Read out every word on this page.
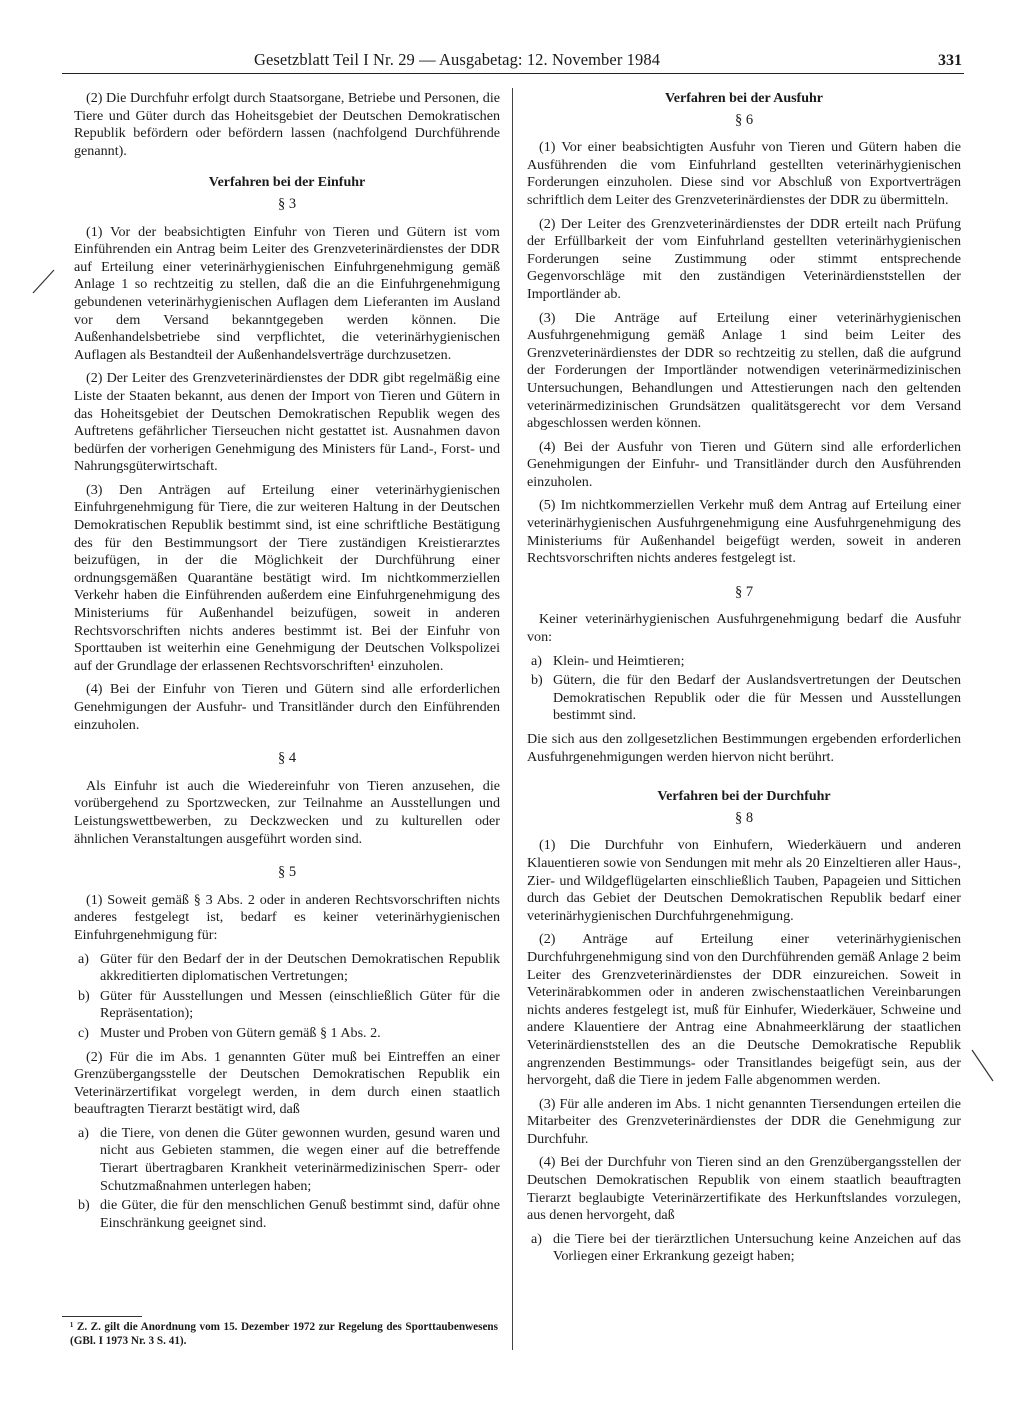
Gesetzblatt Teil I Nr. 29 — Ausgabetag: 12. November 1984	331

(2) Die Durchfuhr erfolgt durch Staatsorgane, Betriebe und Personen, die Tiere und Güter durch das Hoheitsgebiet der Deutschen Demokratischen Republik befördern oder befördern lassen (nachfolgend Durchführende genannt).

Verfahren bei der Einfuhr
§ 3

(1) Vor der beabsichtigten Einfuhr von Tieren und Gütern ist vom Einführenden ein Antrag beim Leiter des Grenzveterinärdienstes der DDR auf Erteilung einer veterinärhygienischen Einfuhrgenehmigung gemäß Anlage 1 so rechtzeitig zu stellen, daß die an die Einfuhrgenehmigung gebundenen veterinärhygienischen Auflagen dem Lieferanten im Ausland vor dem Versand bekanntgegeben werden können. Die Außenhandelsbetriebe sind verpflichtet, die veterinärhygienischen Auflagen als Bestandteil der Außenhandelsverträge durchzusetzen.

(2) Der Leiter des Grenzveterinärdienstes der DDR gibt regelmäßig eine Liste der Staaten bekannt, aus denen der Import von Tieren und Gütern in das Hoheitsgebiet der Deutschen Demokratischen Republik wegen des Auftretens gefährlicher Tierseuchen nicht gestattet ist. Ausnahmen davon bedürfen der vorherigen Genehmigung des Ministers für Land-, Forst- und Nahrungsgüterwirtschaft.

(3) Den Anträgen auf Erteilung einer veterinärhygienischen Einfuhrgenehmigung für Tiere, die zur weiteren Haltung in der Deutschen Demokratischen Republik bestimmt sind, ist eine schriftliche Bestätigung des für den Bestimmungsort der Tiere zuständigen Kreistierarztes beizufügen, in der die Möglichkeit der Durchführung einer ordnungsgemäßen Quarantäne bestätigt wird. Im nichtkommerziellen Verkehr haben die Einführenden außerdem eine Einfuhrgenehmigung des Ministeriums für Außenhandel beizufügen, soweit in anderen Rechtsvorschriften nichts anderes bestimmt ist. Bei der Einfuhr von Sporttauben ist weiterhin eine Genehmigung der Deutschen Volkspolizei auf der Grundlage der erlassenen Rechtsvorschriften¹ einzuholen.

(4) Bei der Einfuhr von Tieren und Gütern sind alle erforderlichen Genehmigungen der Ausfuhr- und Transitländer durch den Einführenden einzuholen.

§ 4

Als Einfuhr ist auch die Wiedereinfuhr von Tieren anzusehen, die vorübergehend zu Sportzwecken, zur Teilnahme an Ausstellungen und Leistungswettbewerben, zu Deckzwecken und zu kulturellen oder ähnlichen Veranstaltungen ausgeführt worden sind.

§ 5

(1) Soweit gemäß § 3 Abs. 2 oder in anderen Rechtsvorschriften nichts anderes festgelegt ist, bedarf es keiner veterinärhygienischen Einfuhrgenehmigung für:

a) Güter für den Bedarf der in der Deutschen Demokratischen Republik akkreditierten diplomatischen Vertretungen;
b) Güter für Ausstellungen und Messen (einschließlich Güter für die Repräsentation);
c) Muster und Proben von Gütern gemäß § 1 Abs. 2.

(2) Für die im Abs. 1 genannten Güter muß bei Eintreffen an einer Grenzübergangsstelle der Deutschen Demokratischen Republik ein Veterinärzertifikat vorgelegt werden, in dem durch einen staatlich beauftragten Tierarzt bestätigt wird, daß

a) die Tiere, von denen die Güter gewonnen wurden, gesund waren und nicht aus Gebieten stammen, die wegen einer auf die betreffende Tierart übertragbaren Krankheit veterinärmedizinischen Sperr- oder Schutzmaßnahmen unterlegen haben;
b) die Güter, die für den menschlichen Genuß bestimmt sind, dafür ohne Einschränkung geeignet sind.
¹ Z. Z. gilt die Anordnung vom 15. Dezember 1972 zur Regelung des Sporttaubenwesens (GBl. I 1973 Nr. 3 S. 41).
Verfahren bei der Ausfuhr
§ 6

(1) Vor einer beabsichtigten Ausfuhr von Tieren und Gütern haben die Ausführenden die vom Einfuhrland gestellten veterinärhygienischen Forderungen einzuholen. Diese sind vor Abschluß von Exportverträgen schriftlich dem Leiter des Grenzveterinärdienstes der DDR zu übermitteln.

(2) Der Leiter des Grenzveterinärdienstes der DDR erteilt nach Prüfung der Erfüllbarkeit der vom Einfuhrland gestellten veterinärhygienischen Forderungen seine Zustimmung oder stimmt entsprechende Gegenvorschläge mit den zuständigen Veterinärdienststellen der Importländer ab.

(3) Die Anträge auf Erteilung einer veterinärhygienischen Ausfuhrgenehmigung gemäß Anlage 1 sind beim Leiter des Grenzveterinärdienstes der DDR so rechtzeitig zu stellen, daß die aufgrund der Forderungen der Importländer notwendigen veterinärmedizinischen Untersuchungen, Behandlungen und Attestierungen nach den geltenden veterinärmedizinischen Grundsätzen qualitätsgerecht vor dem Versand abgeschlossen werden können.

(4) Bei der Ausfuhr von Tieren und Gütern sind alle erforderlichen Genehmigungen der Einfuhr- und Transitländer durch den Ausführenden einzuholen.

(5) Im nichtkommerziellen Verkehr muß dem Antrag auf Erteilung einer veterinärhygienischen Ausfuhrgenehmigung eine Ausfuhrgenehmigung des Ministeriums für Außenhandel beigefügt werden, soweit in anderen Rechtsvorschriften nichts anderes festgelegt ist.

§ 7

Keiner veterinärhygienischen Ausfuhrgenehmigung bedarf die Ausfuhr von:

a) Klein- und Heimtieren;
b) Gütern, die für den Bedarf der Auslandsvertretungen der Deutschen Demokratischen Republik oder die für Messen und Ausstellungen bestimmt sind.

Die sich aus den zollgesetzlichen Bestimmungen ergebenden erforderlichen Ausfuhrgenehmigungen werden hiervon nicht berührt.

Verfahren bei der Durchfuhr
§ 8

(1) Die Durchfuhr von Einhufern, Wiederkäuern und anderen Klauentieren sowie von Sendungen mit mehr als 20 Einzeltieren aller Haus-, Zier- und Wildgeflügelarten einschließlich Tauben, Papageien und Sittichen durch das Gebiet der Deutschen Demokratischen Republik bedarf einer veterinärhygienischen Durchfuhrgenehmigung.

(2) Anträge auf Erteilung einer veterinärhygienischen Durchfuhrgenehmigung sind von den Durchführenden gemäß Anlage 2 beim Leiter des Grenzveterinärdienstes der DDR einzureichen. Soweit in Veterinärabkommen oder in anderen zwischenstaatlichen Vereinbarungen nichts anderes festgelegt ist, muß für Einhufer, Wiederkäuer, Schweine und andere Klauentiere der Antrag eine Abnahmeerklärung der staatlichen Veterinärdienststellen des an die Deutsche Demokratische Republik angrenzenden Bestimmungs- oder Transitlandes beigefügt sein, aus der hervorgeht, daß die Tiere in jedem Falle abgenommen werden.

(3) Für alle anderen im Abs. 1 nicht genannten Tiersendungen erteilen die Mitarbeiter des Grenzveterinärdienstes der DDR die Genehmigung zur Durchfuhr.

(4) Bei der Durchfuhr von Tieren sind an den Grenzübergangsstellen der Deutschen Demokratischen Republik von einem staatlich beauftragten Tierarzt beglaubigte Veterinärzertifikate des Herkunftslandes vorzulegen, aus denen hervorgeht, daß

a) die Tiere bei der tierärztlichen Untersuchung keine Anzeichen auf das Vorliegen einer Erkrankung gezeigt haben;
